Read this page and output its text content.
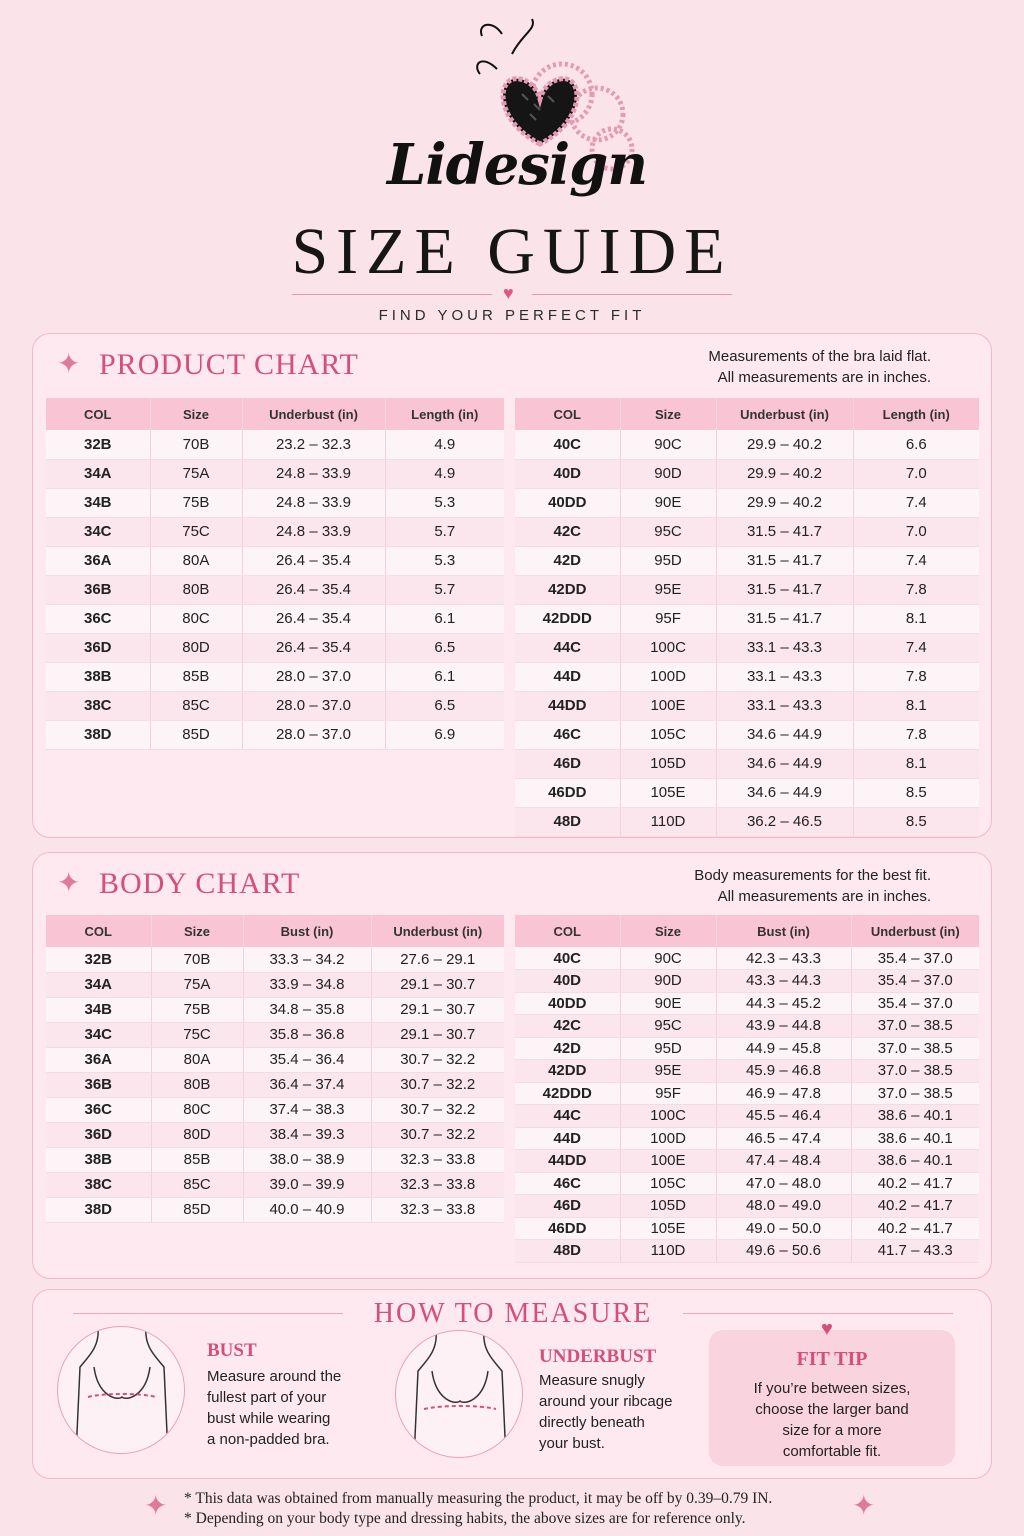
Lidesign
SIZE GUIDE
♥
FIND YOUR PERFECT FIT
✦ PRODUCT CHART	Measurements of the bra laid flat.
All measurements are in inches.
COL	Size	Underbust (in)	Length (in)
32B	70B	23.2 – 32.3	4.9
34A	75A	24.8 – 33.9	4.9
34B	75B	24.8 – 33.9	5.3
34C	75C	24.8 – 33.9	5.7
36A	80A	26.4 – 35.4	5.3
36B	80B	26.4 – 35.4	5.7
36C	80C	26.4 – 35.4	6.1
36D	80D	26.4 – 35.4	6.5
38B	85B	28.0 – 37.0	6.1
38C	85C	28.0 – 37.0	6.5
38D	85D	28.0 – 37.0	6.9
COL	Size	Underbust (in)	Length (in)
40C	90C	29.9 – 40.2	6.6
40D	90D	29.9 – 40.2	7.0
40DD	90E	29.9 – 40.2	7.4
42C	95C	31.5 – 41.7	7.0
42D	95D	31.5 – 41.7	7.4
42DD	95E	31.5 – 41.7	7.8
42DDD	95F	31.5 – 41.7	8.1
44C	100C	33.1 – 43.3	7.4
44D	100D	33.1 – 43.3	7.8
44DD	100E	33.1 – 43.3	8.1
46C	105C	34.6 – 44.9	7.8
46D	105D	34.6 – 44.9	8.1
46DD	105E	34.6 – 44.9	8.5
48D	110D	36.2 – 46.5	8.5
✦ BODY CHART	Body measurements for the best fit.
All measurements are in inches.
COL	Size	Bust (in)	Underbust (in)
32B	70B	33.3 – 34.2	27.6 – 29.1
34A	75A	33.9 – 34.8	29.1 – 30.7
34B	75B	34.8 – 35.8	29.1 – 30.7
34C	75C	35.8 – 36.8	29.1 – 30.7
36A	80A	35.4 – 36.4	30.7 – 32.2
36B	80B	36.4 – 37.4	30.7 – 32.2
36C	80C	37.4 – 38.3	30.7 – 32.2
36D	80D	38.4 – 39.3	30.7 – 32.2
38B	85B	38.0 – 38.9	32.3 – 33.8
38C	85C	39.0 – 39.9	32.3 – 33.8
38D	85D	40.0 – 40.9	32.3 – 33.8
COL	Size	Bust (in)	Underbust (in)
40C	90C	42.3 – 43.3	35.4 – 37.0
40D	90D	43.3 – 44.3	35.4 – 37.0
40DD	90E	44.3 – 45.2	35.4 – 37.0
42C	95C	43.9 – 44.8	37.0 – 38.5
42D	95D	44.9 – 45.8	37.0 – 38.5
42DD	95E	45.9 – 46.8	37.0 – 38.5
42DDD	95F	46.9 – 47.8	37.0 – 38.5
44C	100C	45.5 – 46.4	38.6 – 40.1
44D	100D	46.5 – 47.4	38.6 – 40.1
44DD	100E	47.4 – 48.4	38.6 – 40.1
46C	105C	47.0 – 48.0	40.2 – 41.7
46D	105D	48.0 – 49.0	40.2 – 41.7
46DD	105E	49.0 – 50.0	40.2 – 41.7
48D	110D	49.6 – 50.6	41.7 – 43.3
HOW TO MEASURE
BUST
Measure around the
fullest part of your
bust while wearing
a non-padded bra.
UNDERBUST
Measure snugly
around your ribcage
directly beneath
your bust.
♥
FIT TIP
If you’re between sizes,
choose the larger band
size for a more
comfortable fit.
✦	✦
* This data was obtained from manually measuring the product, it may be off by 0.39–0.79 IN.
* Depending on your body type and dressing habits, the above sizes are for reference only.
